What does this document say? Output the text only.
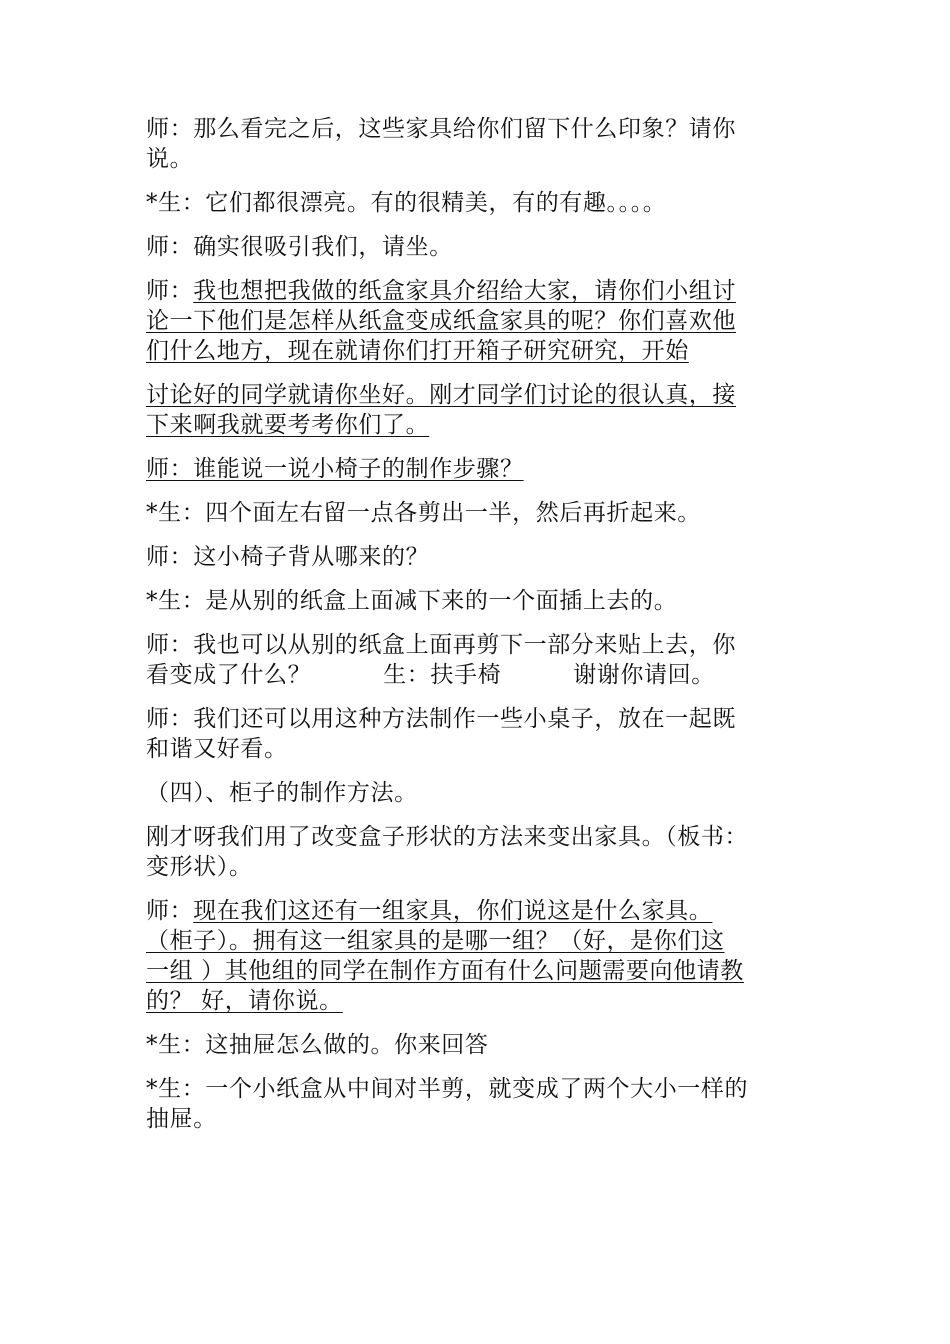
师：那么看完之后，这些家具给你们留下什么印象？请你
说。

*生：它们都很漂亮。有的很精美，有的有趣。。。。

师：确实很吸引我们，请坐。

师：我也想把我做的纸盒家具介绍给大家，请你们小组讨
论一下他们是怎样从纸盒变成纸盒家具的呢？你们喜欢他
们什么地方，现在就请你们打开箱子研究研究，开始

讨论好的同学就请你坐好。刚才同学们讨论的很认真，接
下来啊我就要考考你们了。

师：谁能说一说小椅子的制作步骤？

*生：四个面左右留一点各剪出一半，然后再折起来。

师：这小椅子背从哪来的？

*生：是从别的纸盒上面减下来的一个面插上去的。

师：我也可以从别的纸盒上面再剪下一部分来贴上去，你
看变成了什么？	生：扶手椅	谢谢你请回。

师：我们还可以用这种方法制作一些小桌子，放在一起既
和谐又好看。

（四）、柜子的制作方法。

刚才呀我们用了改变盒子形状的方法来变出家具。（板书：
变形状）。

师：现在我们这还有一组家具，你们说这是什么家具。
（柜子）。拥有这一组家具的是哪一组？（好，是你们这
一组 ）其他组的同学在制作方面有什么问题需要向他请教
的？ 好，请你说。

*生：这抽屉怎么做的。你来回答

*生：一个小纸盒从中间对半剪，就变成了两个大小一样的
抽屉。
